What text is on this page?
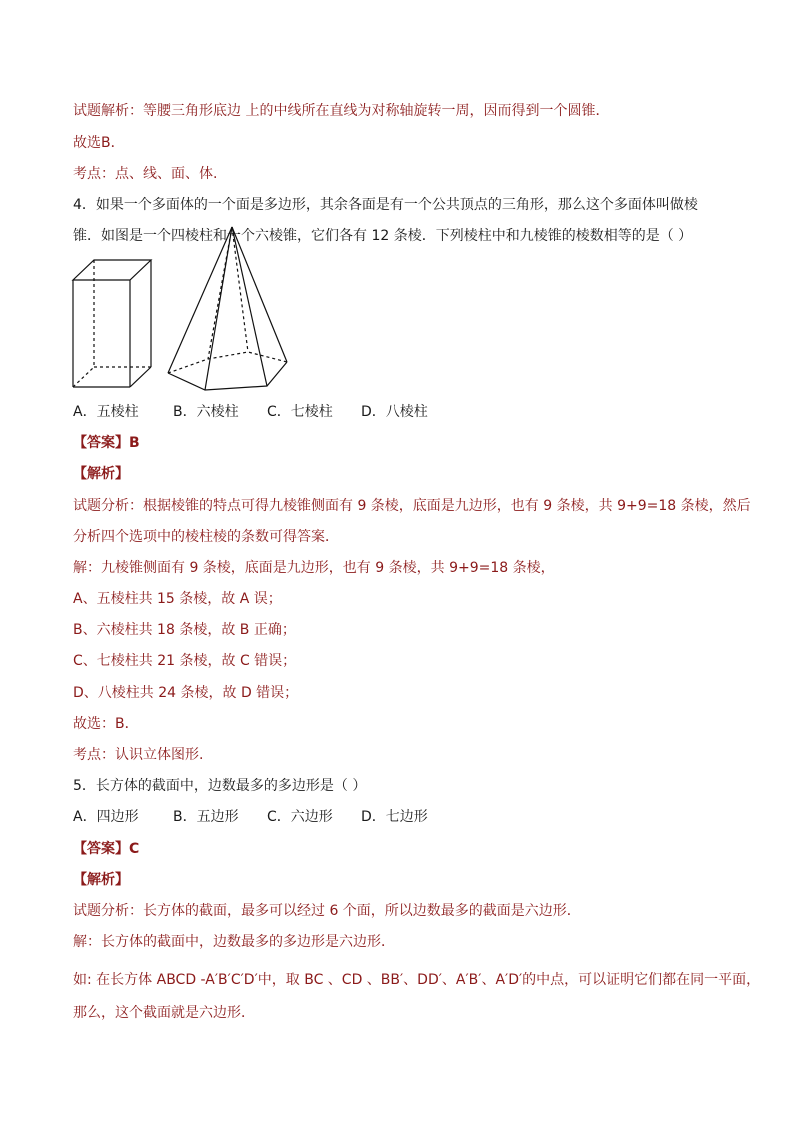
试题解析：等腰三角形底边 上的中线所在直线为对称轴旋转一周，因而得到一个圆锥．
故选B．
考点：点、线、面、体.
4．如果一个多面体的一个面是多边形，其余各面是有一个公共顶点的三角形，那么这个多面体叫做棱
锥．如图是一个四棱柱和一个六棱锥，它们各有 12 条棱．下列棱柱中和九棱锥的棱数相等的是（ ）
A．五棱柱 B．六棱柱 C．七棱柱 D．八棱柱
【答案】B
【解析】
试题分析：根据棱锥的特点可得九棱锥侧面有 9 条棱，底面是九边形，也有 9 条棱，共 9+9=18 条棱，然后
分析四个选项中的棱柱棱的条数可得答案．
解：九棱锥侧面有 9 条棱，底面是九边形，也有 9 条棱，共 9+9=18 条棱，
A、五棱柱共 15 条棱，故 A 误；
B、六棱柱共 18 条棱，故 B 正确；
C、七棱柱共 21 条棱，故 C 错误；
D、八棱柱共 24 条棱，故 D 错误；
故选：B．
考点：认识立体图形.
5．长方体的截面中，边数最多的多边形是（ ）
A．四边形 B．五边形 C．六边形 D．七边形
【答案】C
【解析】
试题分析：长方体的截面，最多可以经过 6 个面，所以边数最多的截面是六边形．
解：长方体的截面中，边数最多的多边形是六边形．
如: 在长方体 ABCD -A′B′C′D′中，取 BC 、CD 、BB′、DD′、A′B′、A′D′的中点，可以证明它们都在同一平面，
那么，这个截面就是六边形．
